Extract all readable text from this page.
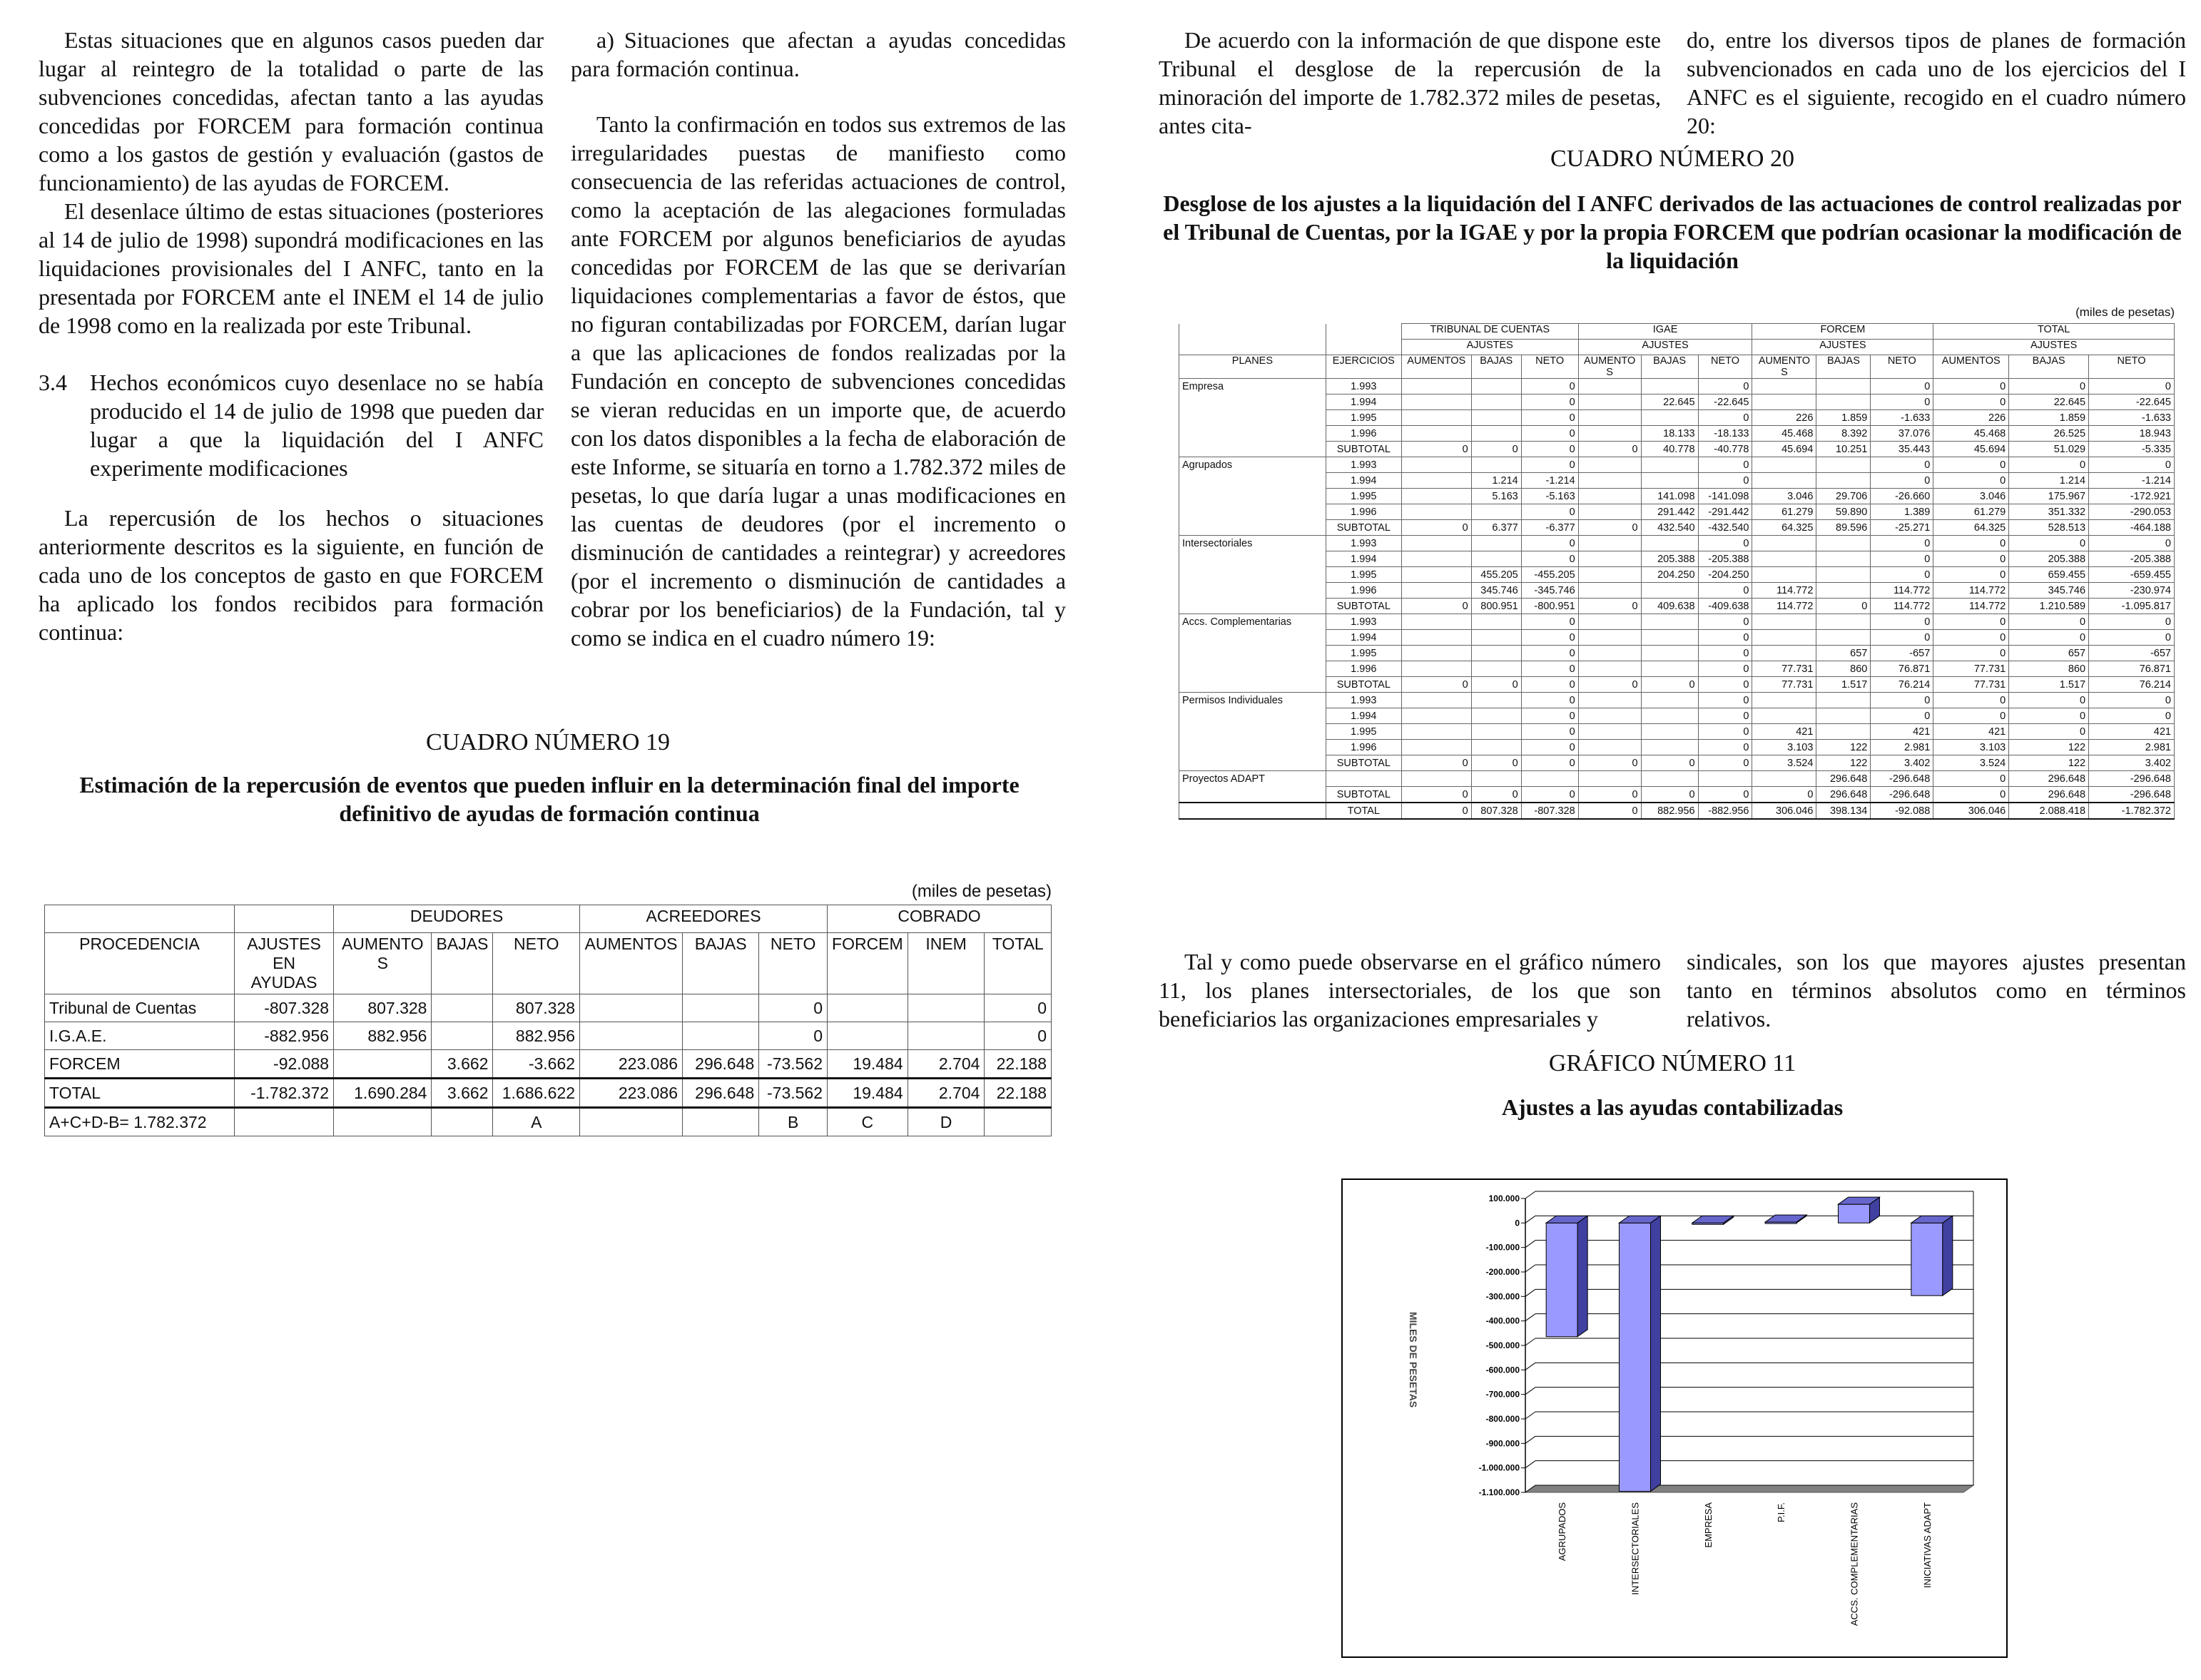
Estas situaciones que en algunos casos pueden dar lugar al reintegro de la totalidad o parte de las subvenciones concedidas, afectan tanto a las ayudas concedidas por FORCEM para formación continua como a los gastos de gestión y evaluación (gastos de funcionamiento) de las ayudas de FORCEM.

El desenlace último de estas situaciones (posteriores al 14 de julio de 1998) supondrá modificaciones en las liquidaciones provisionales del I ANFC, tanto en la presentada por FORCEM ante el INEM el 14 de julio de 1998 como en la realizada por este Tribunal.

3.4 Hechos económicos cuyo desenlace no se había producido el 14 de julio de 1998 que pueden dar lugar a que la liquidación del I ANFC experimente modificaciones

La repercusión de los hechos o situaciones anteriormente descritos es la siguiente, en función de cada uno de los conceptos de gasto en que FORCEM ha aplicado los fondos recibidos para formación continua:

a) Situaciones que afectan a ayudas concedidas para formación continua.

Tanto la confirmación en todos sus extremos de las irregularidades puestas de manifiesto como consecuencia de las referidas actuaciones de control, como la aceptación de las alegaciones formuladas ante FORCEM por algunos beneficiarios de ayudas concedidas por FORCEM de las que se derivarían liquidaciones complementarias a favor de éstos, que no figuran contabilizadas por FORCEM, darían lugar a que las aplicaciones de fondos realizadas por la Fundación en concepto de subvenciones concedidas se vieran reducidas en un importe que, de acuerdo con los datos disponibles a la fecha de elaboración de este Informe, se situaría en torno a 1.782.372 miles de pesetas, lo que daría lugar a unas modificaciones en las cuentas de deudores (por el incremento o disminución de cantidades a reintegrar) y acreedores (por el incremento o disminución de cantidades a cobrar por los beneficiarios) de la Fundación, tal y como se indica en el cuadro número 19:

CUADRO NÚMERO 19
Estimación de la repercusión de eventos que pueden influir en la determinación final del importe definitivo de ayudas de formación continua
(miles de pesetas)
		DEUDORES			ACREEDORES			COBRADO		
PROCEDENCIA	AJUSTES EN AYUDAS	AUMENTO S	BAJAS	NETO	AUMENTOS	BAJAS	NETO	FORCEM	INEM	TOTAL
Tribunal de Cuentas	-807.328	807.328		807.328			0			0
I.G.A.E.	-882.956	882.956		882.956			0			0
FORCEM	-92.088		3.662	-3.662	223.086	296.648	-73.562	19.484	2.704	22.188
TOTAL	-1.782.372	1.690.284	3.662	1.686.622	223.086	296.648	-73.562	19.484	2.704	22.188
A+C+D-B= 1.782.372				A			B	C	D	

De acuerdo con la información de que dispone este Tribunal el desglose de la repercusión de la minoración del importe de 1.782.372 miles de pesetas, antes cita-

do, entre los diversos tipos de planes de formación subvencionados en cada uno de los ejercicios del I ANFC es el siguiente, recogido en el cuadro número 20:

CUADRO NÚMERO 20
Desglose de los ajustes a la liquidación del I ANFC derivados de las actuaciones de control realizadas por el Tribunal de Cuentas, por la IGAE y por la propia FORCEM que podrían ocasionar la modificación de la liquidación
(miles de pesetas)
		TRIBUNAL DE CUENTAS			IGAE			FORCEM			TOTAL		
		AJUSTES			AJUSTES			AJUSTES			AJUSTES		
PLANES	EJERCICIOS	AUMENTOS	BAJAS	NETO	AUMENTO S	BAJAS	NETO	AUMENTO S	BAJAS	NETO	AUMENTOS	BAJAS	NETO
Empresa	1.993			0			0			0	0	0	0
	1.994			0		22.645	-22.645			0	0	22.645	-22.645
	1.995			0			0	226	1.859	-1.633	226	1.859	-1.633
	1.996			0		18.133	-18.133	45.468	8.392	37.076	45.468	26.525	18.943
	SUBTOTAL	0	0	0	0	40.778	-40.778	45.694	10.251	35.443	45.694	51.029	-5.335
Agrupados	1.993			0			0			0	0	0	0
	1.994		1.214	-1.214			0			0	0	1.214	-1.214
	1.995		5.163	-5.163		141.098	-141.098	3.046	29.706	-26.660	3.046	175.967	-172.921
	1.996			0		291.442	-291.442	61.279	59.890	1.389	61.279	351.332	-290.053
	SUBTOTAL	0	6.377	-6.377	0	432.540	-432.540	64.325	89.596	-25.271	64.325	528.513	-464.188
Intersectoriales	1.993			0			0			0	0	0	0
	1.994			0		205.388	-205.388			0	0	205.388	-205.388
	1.995		455.205	-455.205		204.250	-204.250			0	0	659.455	-659.455
	1.996		345.746	-345.746			0	114.772		114.772	114.772	345.746	-230.974
	SUBTOTAL	0	800.951	-800.951	0	409.638	-409.638	114.772	0	114.772	114.772	1.210.589	-1.095.817
Accs. Complementarias	1.993			0			0			0	0	0	0
	1.994			0			0			0	0	0	0
	1.995			0			0		657	-657	0	657	-657
	1.996			0			0	77.731	860	76.871	77.731	860	76.871
	SUBTOTAL	0	0	0	0	0	0	77.731	1.517	76.214	77.731	1.517	76.214
Permisos Individuales	1.993			0			0			0	0	0	0
	1.994			0			0			0	0	0	0
	1.995			0			0	421		421	421	0	421
	1.996			0			0	3.103	122	2.981	3.103	122	2.981
	SUBTOTAL	0	0	0	0	0	0	3.524	122	3.402	3.524	122	3.402
Proyectos ADAPT									296.648	-296.648	0	296.648	-296.648
	SUBTOTAL	0	0	0	0	0	0	0	296.648	-296.648	0	296.648	-296.648
	TOTAL	0	807.328	-807.328	0	882.956	-882.956	306.046	398.134	-92.088	306.046	2.088.418	-1.782.372

Tal y como puede observarse en el gráfico número 11, los planes intersectoriales, de los que son beneficiarios las organizaciones empresariales y

sindicales, son los que mayores ajustes presentan tanto en términos absolutos como en términos relativos.

GRÁFICO NÚMERO 11
Ajustes a las ayudas contabilizadas
100.000
0
-100.000
-200.000
-300.000
-400.000
-500.000
-600.000
-700.000
-800.000
-900.000
-1.000.000
-1.100.000
MILES DE PESETAS
AGRUPADOS	INTERSECTORIALES	EMPRESA	P.I.F.	ACCS. COMPLEMENTARIAS	INICIATIVAS ADAPT
